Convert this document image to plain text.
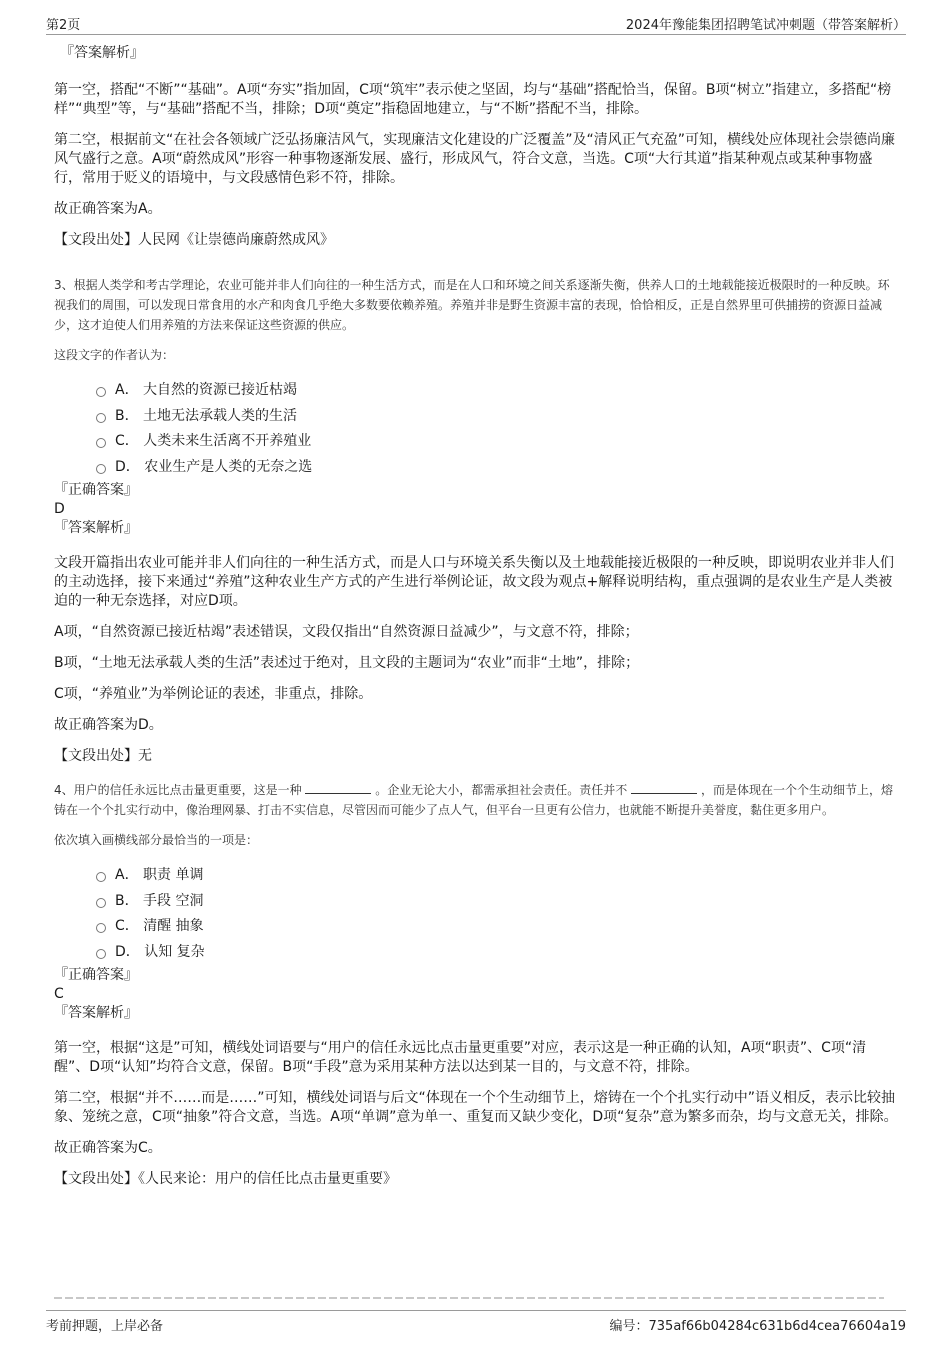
第2页	2024年豫能集团招聘笔试冲刺题（带答案解析）
『答案解析』

第一空，搭配“不断”“基础”。A项“夯实”指加固，C项“筑牢”表示使之坚固，均与“基础”搭配恰当，保留。B项“树立”指建立，多搭配“榜样”“典型”等，与“基础”搭配不当，排除；D项“奠定”指稳固地建立，与“不断”搭配不当，排除。

第二空，根据前文“在社会各领域广泛弘扬廉洁风气，实现廉洁文化建设的广泛覆盖”及“清风正气充盈”可知，横线处应体现社会崇德尚廉风气盛行之意。A项“蔚然成风”形容一种事物逐渐发展、盛行，形成风气，符合文意，当选。C项“大行其道”指某种观点或某种事物盛行，常用于贬义的语境中，与文段感情色彩不符，排除。

故正确答案为A。

【文段出处】人民网《让崇德尚廉蔚然成风》

3、根据人类学和考古学理论，农业可能并非人们向往的一种生活方式，而是在人口和环境之间关系逐渐失衡，供养人口的土地载能接近极限时的一种反映。环视我们的周围，可以发现日常食用的水产和肉食几乎绝大多数要依赖养殖。养殖并非是野生资源丰富的表现，恰恰相反，正是自然界里可供捕捞的资源日益减少，这才迫使人们用养殖的方法来保证这些资源的供应。

这段文字的作者认为：

A． 大自然的资源已接近枯竭
B． 土地无法承载人类的生活
C． 人类未来生活离不开养殖业
D． 农业生产是人类的无奈之选
『正确答案』
D
『答案解析』

文段开篇指出农业可能并非人们向往的一种生活方式，而是人口与环境关系失衡以及土地载能接近极限的一种反映，即说明农业并非人们的主动选择，接下来通过“养殖”这种农业生产方式的产生进行举例论证，故文段为观点+解释说明结构，重点强调的是农业生产是人类被迫的一种无奈选择，对应D项。

A项，“自然资源已接近枯竭”表述错误，文段仅指出“自然资源日益减少”，与文意不符，排除；

B项，“土地无法承载人类的生活”表述过于绝对，且文段的主题词为“农业”而非“土地”，排除；

C项，“养殖业”为举例论证的表述，非重点，排除。

故正确答案为D。

【文段出处】无

4、用户的信任永远比点击量更重要，这是一种	。企业无论大小，都需承担社会责任。责任并不	，而是体现在一个个生动细节上，熔铸在一个个扎实行动中，像治理网暴、打击不实信息，尽管因而可能少了点人气，但平台一旦更有公信力，也就能不断提升美誉度，黏住更多用户。

依次填入画横线部分最恰当的一项是：

A． 职责 单调
B． 手段 空洞
C． 清醒 抽象
D． 认知 复杂
『正确答案』
C
『答案解析』

第一空，根据“这是”可知，横线处词语要与“用户的信任永远比点击量更重要”对应，表示这是一种正确的认知，A项“职责”、C项“清醒”、D项“认知”均符合文意，保留。B项“手段”意为采用某种方法以达到某一目的，与文意不符，排除。

第二空，根据“并不……而是……”可知，横线处词语与后文“体现在一个个生动细节上，熔铸在一个个扎实行动中”语义相反，表示比较抽象、笼统之意，C项“抽象”符合文意，当选。A项“单调”意为单一、重复而又缺少变化，D项“复杂”意为繁多而杂，均与文意无关，排除。

故正确答案为C。

【文段出处】《人民来论：用户的信任比点击量更重要》

考前押题，上岸必备	编号：735af66b04284c631b6d4cea76604a19
